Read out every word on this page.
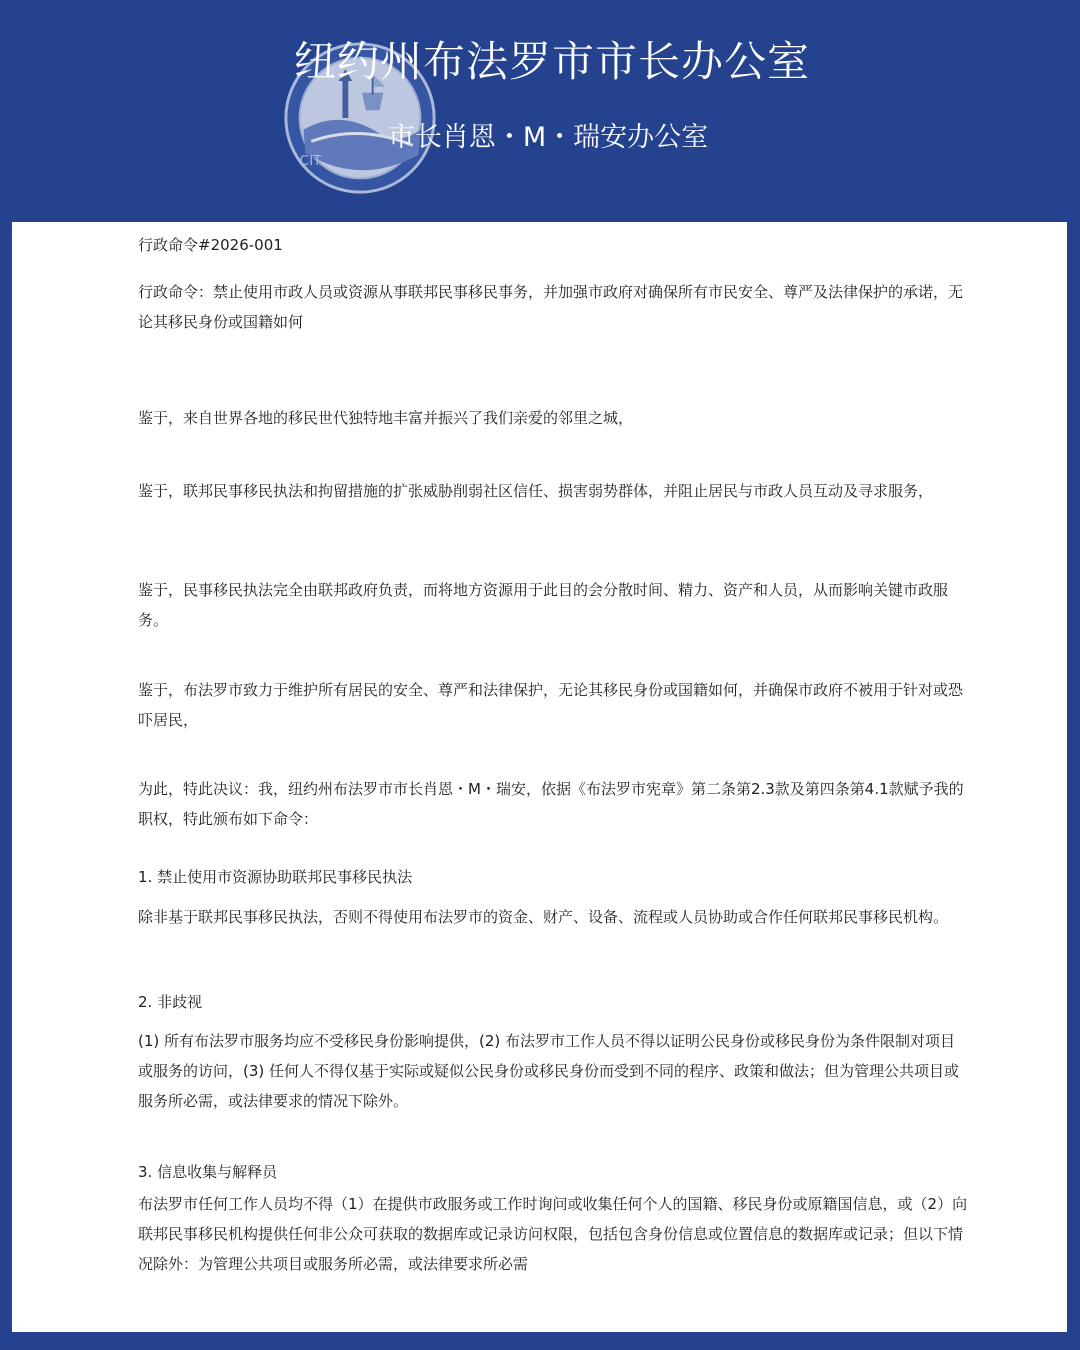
CIT
纽约州布法罗市市长办公室
市长肖恩・M・瑞安办公室

行政命令#2026-001

行政命令：禁止使用市政人员或资源从事联邦民事移民事务，并加强市政府对确保所有市民安全、尊严及法律保护的承诺，无论其移民身份或国籍如何

鉴于，来自世界各地的移民世代独特地丰富并振兴了我们亲爱的邻里之城，

鉴于，联邦民事移民执法和拘留措施的扩张威胁削弱社区信任、损害弱势群体，并阻止居民与市政人员互动及寻求服务，

鉴于，民事移民执法完全由联邦政府负责，而将地方资源用于此目的会分散时间、精力、资产和人员，从而影响关键市政服务。

鉴于，布法罗市致力于维护所有居民的安全、尊严和法律保护，无论其移民身份或国籍如何，并确保市政府不被用于针对或恐吓居民，

为此，特此决议：我，纽约州布法罗市市长肖恩・M・瑞安，依据《布法罗市宪章》第二条第2.3款及第四条第4.1款赋予我的职权，特此颁布如下命令：

1. 禁止使用市资源协助联邦民事移民执法

除非基于联邦民事移民执法，否则不得使用布法罗市的资金、财产、设备、流程或人员协助或合作任何联邦民事移民机构。

2. 非歧视

(1) 所有布法罗市服务均应不受移民身份影响提供，(2) 布法罗市工作人员不得以证明公民身份或移民身份为条件限制对项目或服务的访问，(3) 任何人不得仅基于实际或疑似公民身份或移民身份而受到不同的程序、政策和做法；但为管理公共项目或服务所必需，或法律要求的情况下除外。

3. 信息收集与解释员

布法罗市任何工作人员均不得（1）在提供市政服务或工作时询问或收集任何个人的国籍、移民身份或原籍国信息，或（2）向联邦民事移民机构提供任何非公众可获取的数据库或记录访问权限，包括包含身份信息或位置信息的数据库或记录；但以下情况除外：为管理公共项目或服务所必需，或法律要求所必需
